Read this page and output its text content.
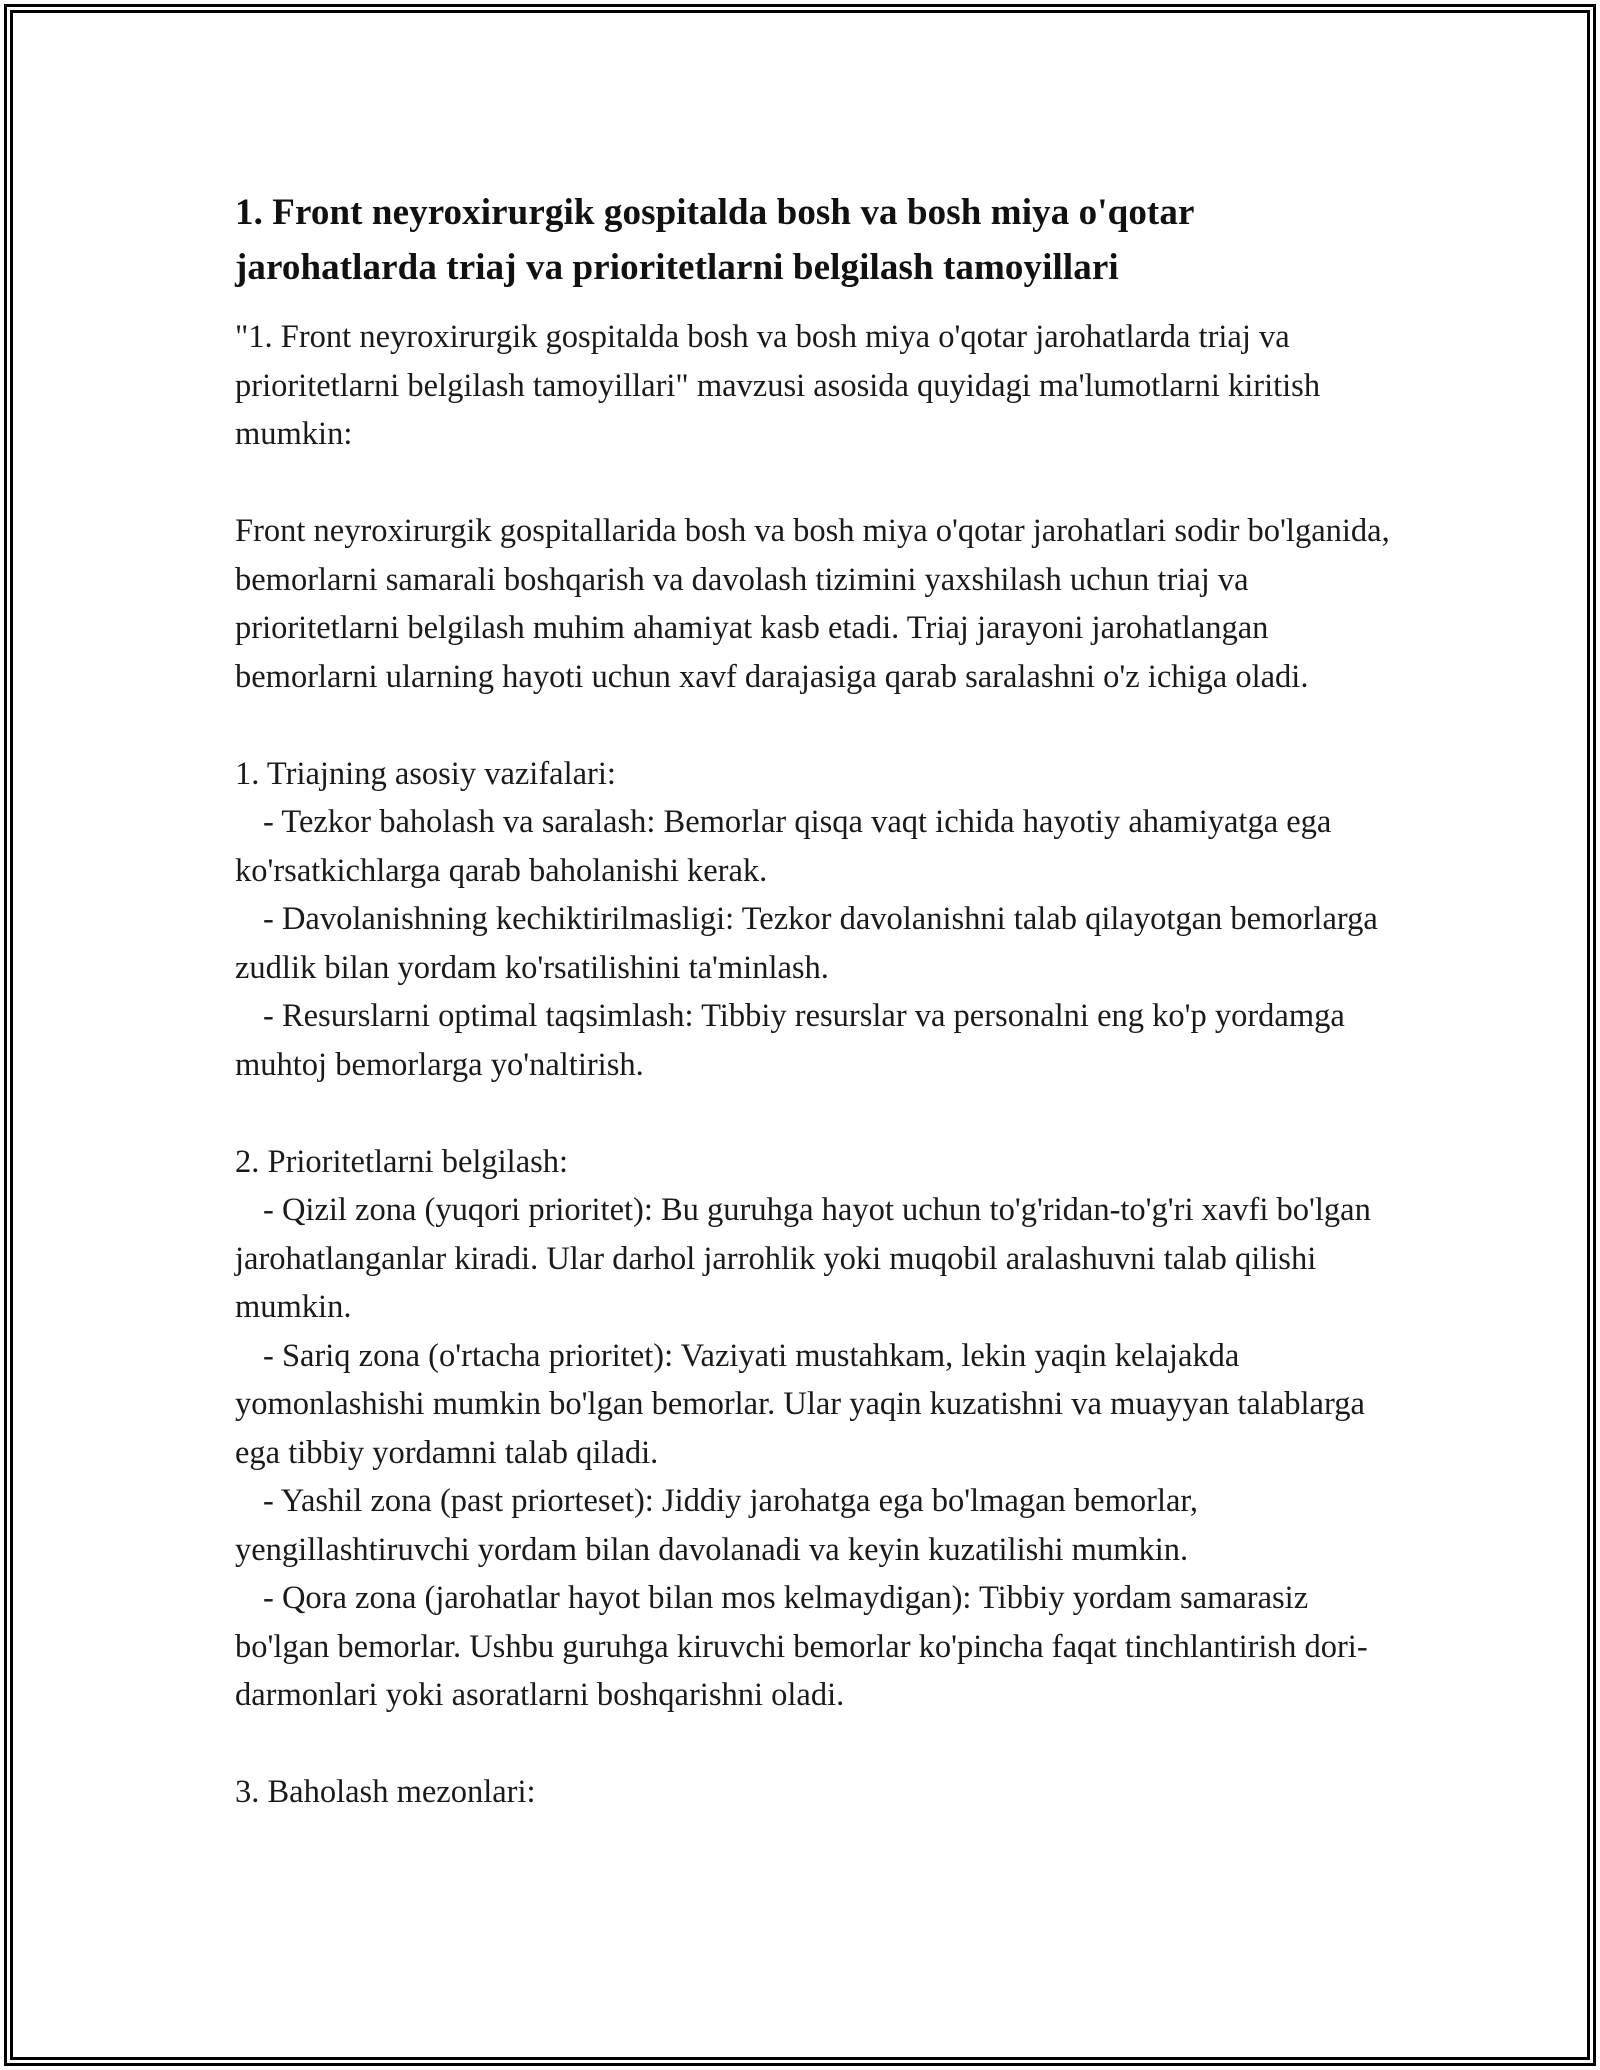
1. Front neyroxirurgik gospitalda bosh va bosh miya o'qotar jarohatlarda triaj va prioritetlarni belgilash tamoyillari

"1. Front neyroxirurgik gospitalda bosh va bosh miya o'qotar jarohatlarda triaj va prioritetlarni belgilash tamoyillari" mavzusi asosida quyidagi ma'lumotlarni kiritish mumkin:

Front neyroxirurgik gospitallarida bosh va bosh miya o'qotar jarohatlari sodir bo'lganida, bemorlarni samarali boshqarish va davolash tizimini yaxshilash uchun triaj va prioritetlarni belgilash muhim ahamiyat kasb etadi. Triaj jarayoni jarohatlangan bemorlarni ularning hayoti uchun xavf darajasiga qarab saralashni o'z ichiga oladi.

1. Triajning asosiy vazifalari:

- Tezkor baholash va saralash: Bemorlar qisqa vaqt ichida hayotiy ahamiyatga ega ko'rsatkichlarga qarab baholanishi kerak.

- Davolanishning kechiktirilmasligi: Tezkor davolanishni talab qilayotgan bemorlarga zudlik bilan yordam ko'rsatilishini ta'minlash.

- Resurslarni optimal taqsimlash: Tibbiy resurslar va personalni eng ko'p yordamga muhtoj bemorlarga yo'naltirish.

2. Prioritetlarni belgilash:

- Qizil zona (yuqori prioritet): Bu guruhga hayot uchun to'g'ridan-to'g'ri xavfi bo'lgan jarohatlanganlar kiradi. Ular darhol jarrohlik yoki muqobil aralashuvni talab qilishi mumkin.

- Sariq zona (o'rtacha prioritet): Vaziyati mustahkam, lekin yaqin kelajakda yomonlashishi mumkin bo'lgan bemorlar. Ular yaqin kuzatishni va muayyan talablarga ega tibbiy yordamni talab qiladi.

- Yashil zona (past priorteset): Jiddiy jarohatga ega bo'lmagan bemorlar, yengillashtiruvchi yordam bilan davolanadi va keyin kuzatilishi mumkin.

- Qora zona (jarohatlar hayot bilan mos kelmaydigan): Tibbiy yordam samarasiz bo'lgan bemorlar. Ushbu guruhga kiruvchi bemorlar ko'pincha faqat tinchlantirish dori-darmonlari yoki asoratlarni boshqarishni oladi.

3. Baholash mezonlari:
